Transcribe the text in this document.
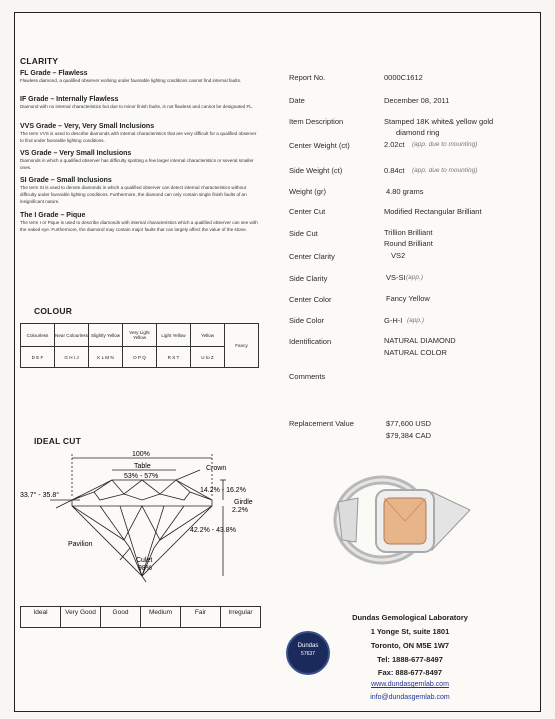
CLARITY
FL Grade – Flawless
Flawless diamond, a qualified observer working under favorable lighting conditions cannot find internal faults.
IF Grade – Internally Flawless
Diamond with no internal characteristics but due to minor finish faults, is not flawless and cannot be designated FL.
VVS Grade – Very, Very Small Inclusions
The term VVS is used to describe diamonds with internal characteristics that are very difficult for a qualified observer to find under favorable lighting conditions.
VS Grade – Very Small Inclusions
Diamonds in which a qualified observer has difficulty spotting a few larger internal characteristics or several smaller ones.
SI Grade – Small Inclusions
The term SI is used to denote diamonds in which a qualified observer can detect internal characteristics without difficulty under favorable lighting conditions. Furthermore, the diamond can only contain single finish faults of an insignificant nature.
The I Grade – Pique
The term I or Pique is used to describe diamonds with internal characteristics which a qualified observer can see with the naked eye. Furthermore, the diamond may contain major faults that can largely affect the value of the stone.
COLOUR
Colourless	Near Colourless	Slightly Yellow	Very Light Yellow	Light Yellow	Yellow	Fancy
D E F	G H I J	K L M N	O P Q	R S T	U to Z	
IDEAL CUT
100%
Table
53% - 57%
Crown
33.7° - 35.8°
14.2% - 16.2%
Girdle
2.2%
42.2% - 43.8%
Pavilion
Culet
98%
Ideal	Very Good	Good	Medium	Fair	Irregular
Report No.	0000C1612
Date	December 08, 2011
Item Description	Stamped 18K white& yellow gold
diamond ring
Center Weight (ct)	2.02ct (app. due to mounting)
Side Weight (ct)	0.84ct (app. due to mounting)
Weight (gr)	4.80 grams
Center Cut	Modified Rectangular Brilliant
Side Cut	Trillion Brilliant
Round Brilliant
Center Clarity	VS2
Side Clarity	VS-SI (app.)
Center Color	Fancy Yellow
Side Color	G-H-I (app.)
Identification	NATURAL DIAMOND
NATURAL COLOR
Comments
Replacement Value	$77,600 USD
$79,384 CAD
Dundas Gemological Laboratory
1 Yonge St, suite 1801
Toronto, ON M5E 1W7
Tel: 1888-677-8497
Fax: 888-677-8497
www.dundasgemlab.com
info@dundasgemlab.com
Dundas
57637
